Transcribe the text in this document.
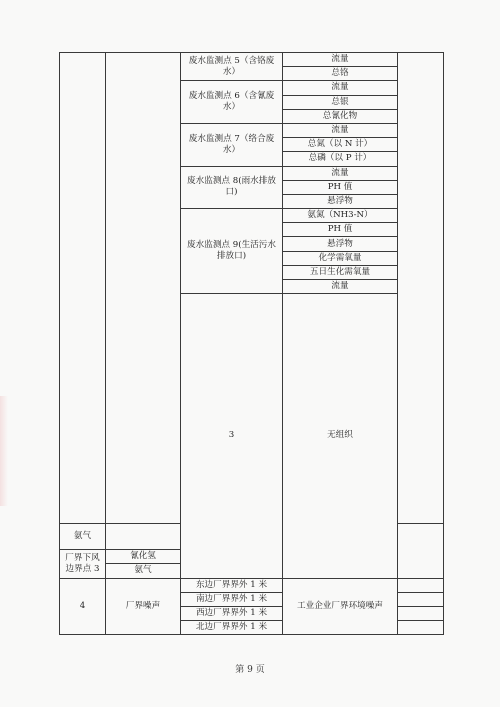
		废水监测点 5（含铬废水）	流量		
			总铬		
		废水监测点 6（含氰废水）	流量		
			总银		
			总氰化物		
		废水监测点 7（络合废水）	流量		
			总氮（以 N 计）		
			总磷（以 P 计）		
		废水监测点 8(雨水排放口)	流量		
			PH 值		
			悬浮物		
		废水监测点 9(生活污水排放口)	氨氮（NH3-N）		
			PH 值		
			悬浮物		
			化学需氧量		
			五日生化需氧量		
			流量		
		3	无组织			

氨气					
厂界下风边界点 3	氰化氢				
	氨气				
4	厂界噪声	东边厂界界外 1 米	工业企业厂界环境噪声		
		南边厂界界外 1 米			
		西边厂界界外 1 米			
		北边厂界界外 1 米			
第 9 页
